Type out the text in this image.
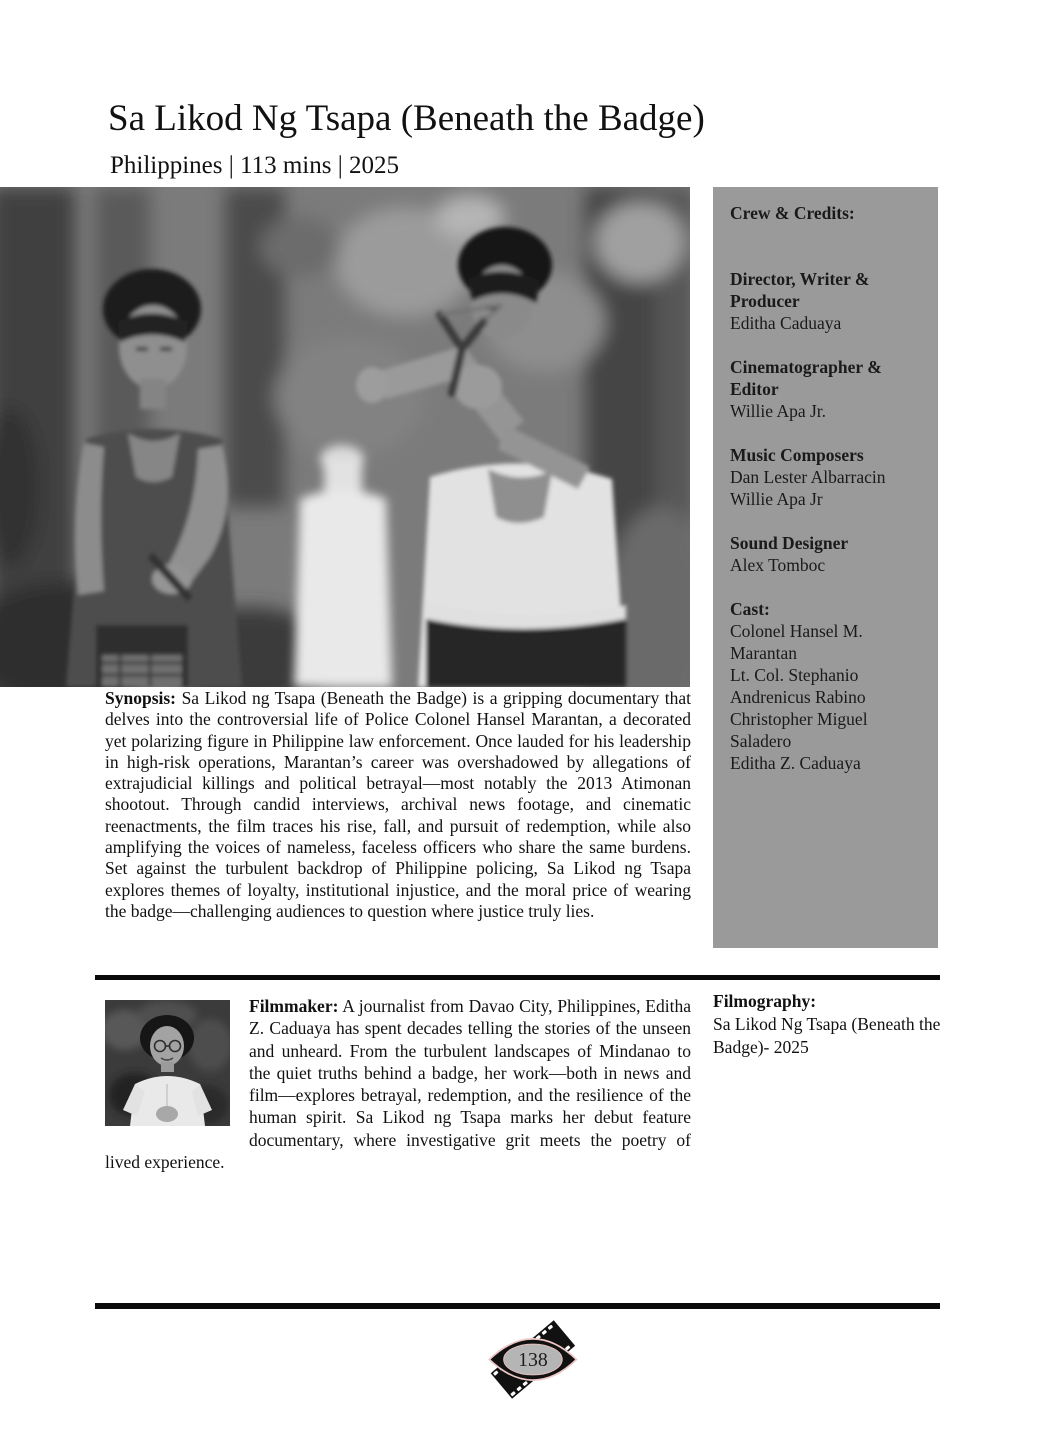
Sa Likod Ng Tsapa (Beneath the Badge)
Philippines | 113 mins | 2025
Crew & Credits:
Director, Writer & Producer
Editha Caduaya
Cinematographer & Editor
Willie Apa Jr.
Music Composers
Dan Lester Albarracin
Willie Apa Jr
Sound Designer
Alex Tomboc
Cast:
Colonel Hansel M. Marantan
Lt. Col. Stephanio Andrenicus Rabino
Christopher Miguel Saladero
Editha Z. Caduaya

Synopsis: Sa Likod ng Tsapa (Beneath the Badge) is a gripping documentary that delves into the controversial life of Police Colonel Hansel Marantan, a decorated yet polarizing figure in Philippine law enforcement. Once lauded for his leadership in high-risk operations, Marantan’s career was overshadowed by allegations of extrajudicial killings and political betrayal—most notably the 2013 Atimonan shootout. Through candid interviews, archival news footage, and cinematic reenactments, the film traces his rise, fall, and pursuit of redemption, while also amplifying the voices of nameless, faceless officers who share the same burdens. Set against the turbulent backdrop of Philippine policing, Sa Likod ng Tsapa explores themes of loyalty, institutional injustice, and the moral price of wearing the badge—challenging audiences to question where justice truly lies.

Filmmaker: A journalist from Davao City, Philippines, Editha Z. Caduaya has spent decades telling the stories of the unseen and unheard. From the turbulent landscapes of Mindanao to the quiet truths behind a badge, her work—both in news and film—explores betrayal, redemption, and the resilience of the human spirit. Sa Likod ng Tsapa marks her debut feature documentary, where investigative grit meets the poetry of lived experience.

Filmography:
Sa Likod Ng Tsapa (Beneath the Badge)- 2025
138
